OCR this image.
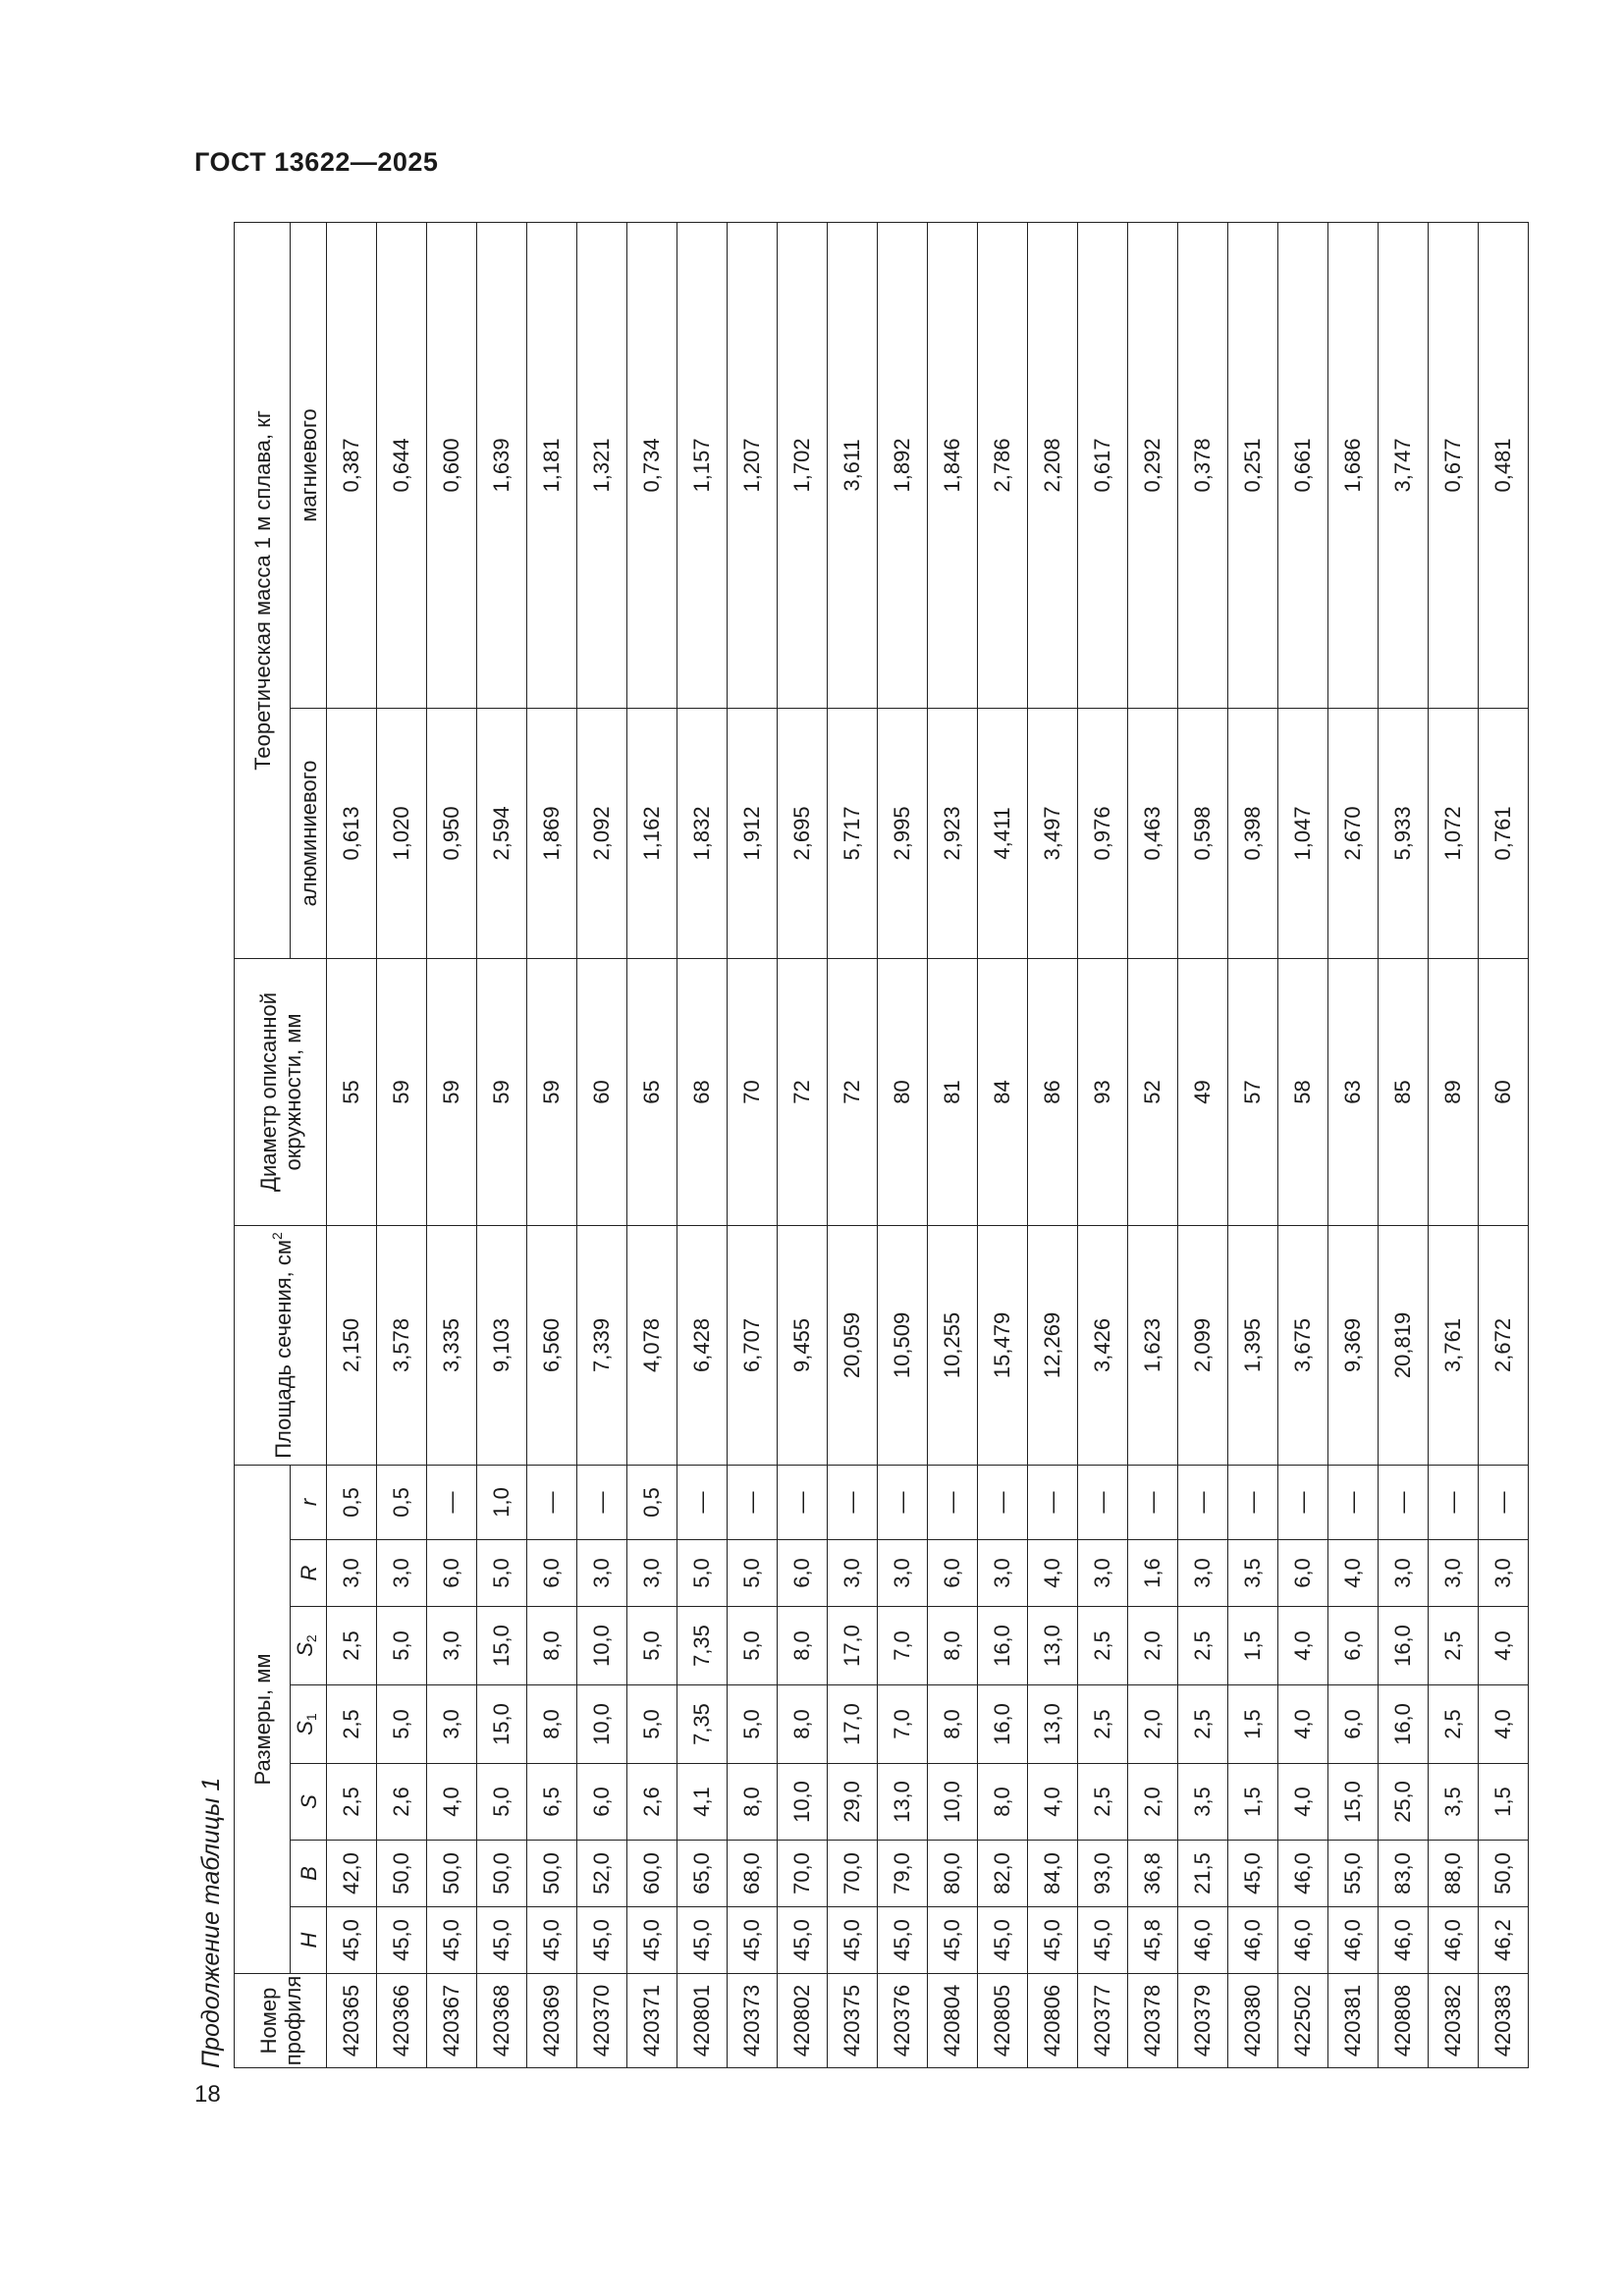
ГОСТ 13622—2025
18
Продолжение таблицы 1	Номер профиля	Размеры, мм							Площадь сечения, $см^2$	Диаметр описанной окружности, мм	Теоретическая масса 1 м сплава, кг	
	H	B	S	$S_1$	$S_2$	R	r			алюминиевого	магниевого
420365	45,0	42,0	2,5	2,5	2,5	3,0	0,5	2,150	55	0,613	0,387
420366	45,0	50,0	2,6	5,0	5,0	3,0	0,5	3,578	59	1,020	0,644
420367	45,0	50,0	4,0	3,0	3,0	6,0	—	3,335	59	0,950	0,600
420368	45,0	50,0	5,0	15,0	15,0	5,0	1,0	9,103	59	2,594	1,639
420369	45,0	50,0	6,5	8,0	8,0	6,0	—	6,560	59	1,869	1,181
420370	45,0	52,0	6,0	10,0	10,0	3,0	—	7,339	60	2,092	1,321
420371	45,0	60,0	2,6	5,0	5,0	3,0	0,5	4,078	65	1,162	0,734
420801	45,0	65,0	4,1	7,35	7,35	5,0	—	6,428	68	1,832	1,157
420373	45,0	68,0	8,0	5,0	5,0	5,0	—	6,707	70	1,912	1,207
420802	45,0	70,0	10,0	8,0	8,0	6,0	—	9,455	72	2,695	1,702
420375	45,0	70,0	29,0	17,0	17,0	3,0	—	20,059	72	5,717	3,611
420376	45,0	79,0	13,0	7,0	7,0	3,0	—	10,509	80	2,995	1,892
420804	45,0	80,0	10,0	8,0	8,0	6,0	—	10,255	81	2,923	1,846
420805	45,0	82,0	8,0	16,0	16,0	3,0	—	15,479	84	4,411	2,786
420806	45,0	84,0	4,0	13,0	13,0	4,0	—	12,269	86	3,497	2,208
420377	45,0	93,0	2,5	2,5	2,5	3,0	—	3,426	93	0,976	0,617
420378	45,8	36,8	2,0	2,0	2,0	1,6	—	1,623	52	0,463	0,292
420379	46,0	21,5	3,5	2,5	2,5	3,0	—	2,099	49	0,598	0,378
420380	46,0	45,0	1,5	1,5	1,5	3,5	—	1,395	57	0,398	0,251
422502	46,0	46,0	4,0	4,0	4,0	6,0	—	3,675	58	1,047	0,661
420381	46,0	55,0	15,0	6,0	6,0	4,0	—	9,369	63	2,670	1,686
420808	46,0	83,0	25,0	16,0	16,0	3,0	—	20,819	85	5,933	3,747
420382	46,0	88,0	3,5	2,5	2,5	3,0	—	3,761	89	1,072	0,677
420383	46,2	50,0	1,5	4,0	4,0	3,0	—	2,672	60	0,761	0,481
